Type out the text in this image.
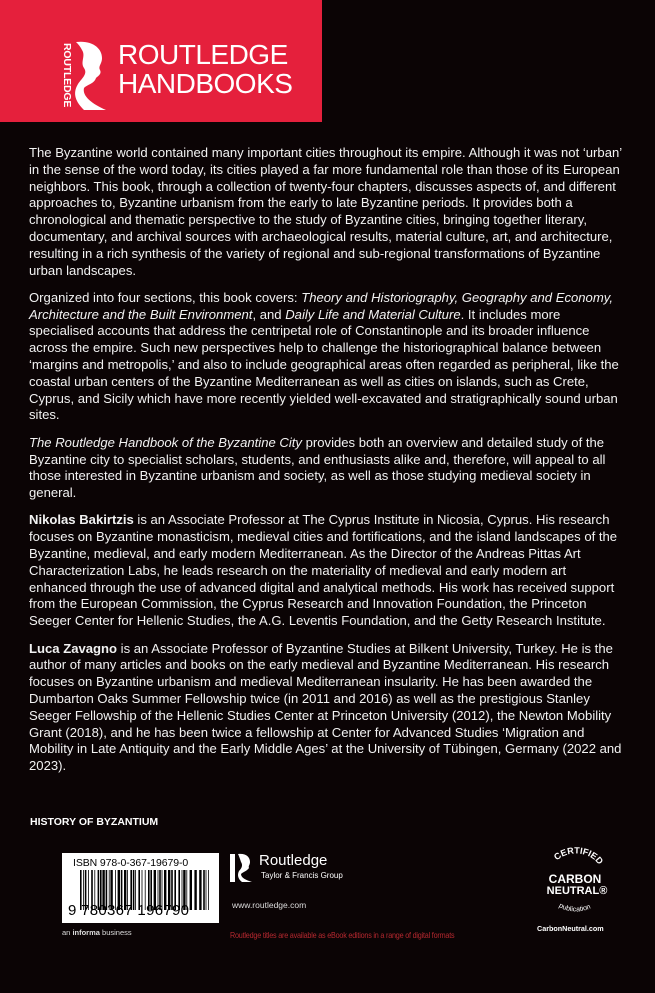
ROUTLEDGE ROUTLEDGE
HANDBOOKS

The Byzantine world contained many important cities throughout its empire. Although it was not ‘urban’ in the sense of the word today, its cities played a far more fundamental role than those of its European neighbors. This book, through a collection of twenty-four chapters, discusses aspects of, and different approaches to, Byzantine urbanism from the early to late Byzantine periods. It provides both a chronological and thematic perspective to the study of Byzantine cities, bringing together literary, documentary, and archival sources with archaeological results, material culture, art, and architecture, resulting in a rich synthesis of the variety of regional and sub-regional transformations of Byzantine urban landscapes.

Organized into four sections, this book covers: Theory and Historiography, Geography and Economy, Architecture and the Built Environment, and Daily Life and Material Culture. It includes more specialised accounts that address the centripetal role of Constantinople and its broader influence across the empire. Such new perspectives help to challenge the historiographical balance between ‘margins and metropolis,’ and also to include geographical areas often regarded as peripheral, like the coastal urban centers of the Byzantine Mediterranean as well as cities on islands, such as Crete, Cyprus, and Sicily which have more recently yielded well-excavated and stratigraphically sound urban sites.

The Routledge Handbook of the Byzantine City provides both an overview and detailed study of the Byzantine city to specialist scholars, students, and enthusiasts alike and, therefore, will appeal to all those interested in Byzantine urbanism and society, as well as those studying medieval society in general.

Nikolas Bakirtzis is an Associate Professor at The Cyprus Institute in Nicosia, Cyprus. His research focuses on Byzantine monasticism, medieval cities and fortifications, and the island landscapes of the Byzantine, medieval, and early modern Mediterranean. As the Director of the Andreas Pittas Art Characterization Labs, he leads research on the materiality of medieval and early modern art enhanced through the use of advanced digital and analytical methods. His work has received support from the European Commission, the Cyprus Research and Innovation Foundation, the Princeton Seeger Center for Hellenic Studies, the A.G. Leventis Foundation, and the Getty Research Institute.

Luca Zavagno is an Associate Professor of Byzantine Studies at Bilkent University, Turkey. He is the author of many articles and books on the early medieval and Byzantine Mediterranean. His research focuses on Byzantine urbanism and medieval Mediterranean insularity. He has been awarded the Dumbarton Oaks Summer Fellowship twice (in 2011 and 2016) as well as the prestigious Stanley Seeger Fellowship of the Hellenic Studies Center at Princeton University (2012), the Newton Mobility Grant (2018), and he has been twice a fellowship at Center for Advanced Studies ‘Migration and Mobility in Late Antiquity and the Early Middle Ages’ at the University of Tübingen, Germany (2022 and 2023).

HISTORY OF BYZANTIUM
ISBN 978-0-367-19679-0
9 780367 196790
an informa business
Routledge
Taylor & Francis Group
www.routledge.com
Routledge titles are available as eBook editions in a range of digital formats
CERTIFIED
CARBON
NEUTRAL®
publication
CarbonNeutral.com
